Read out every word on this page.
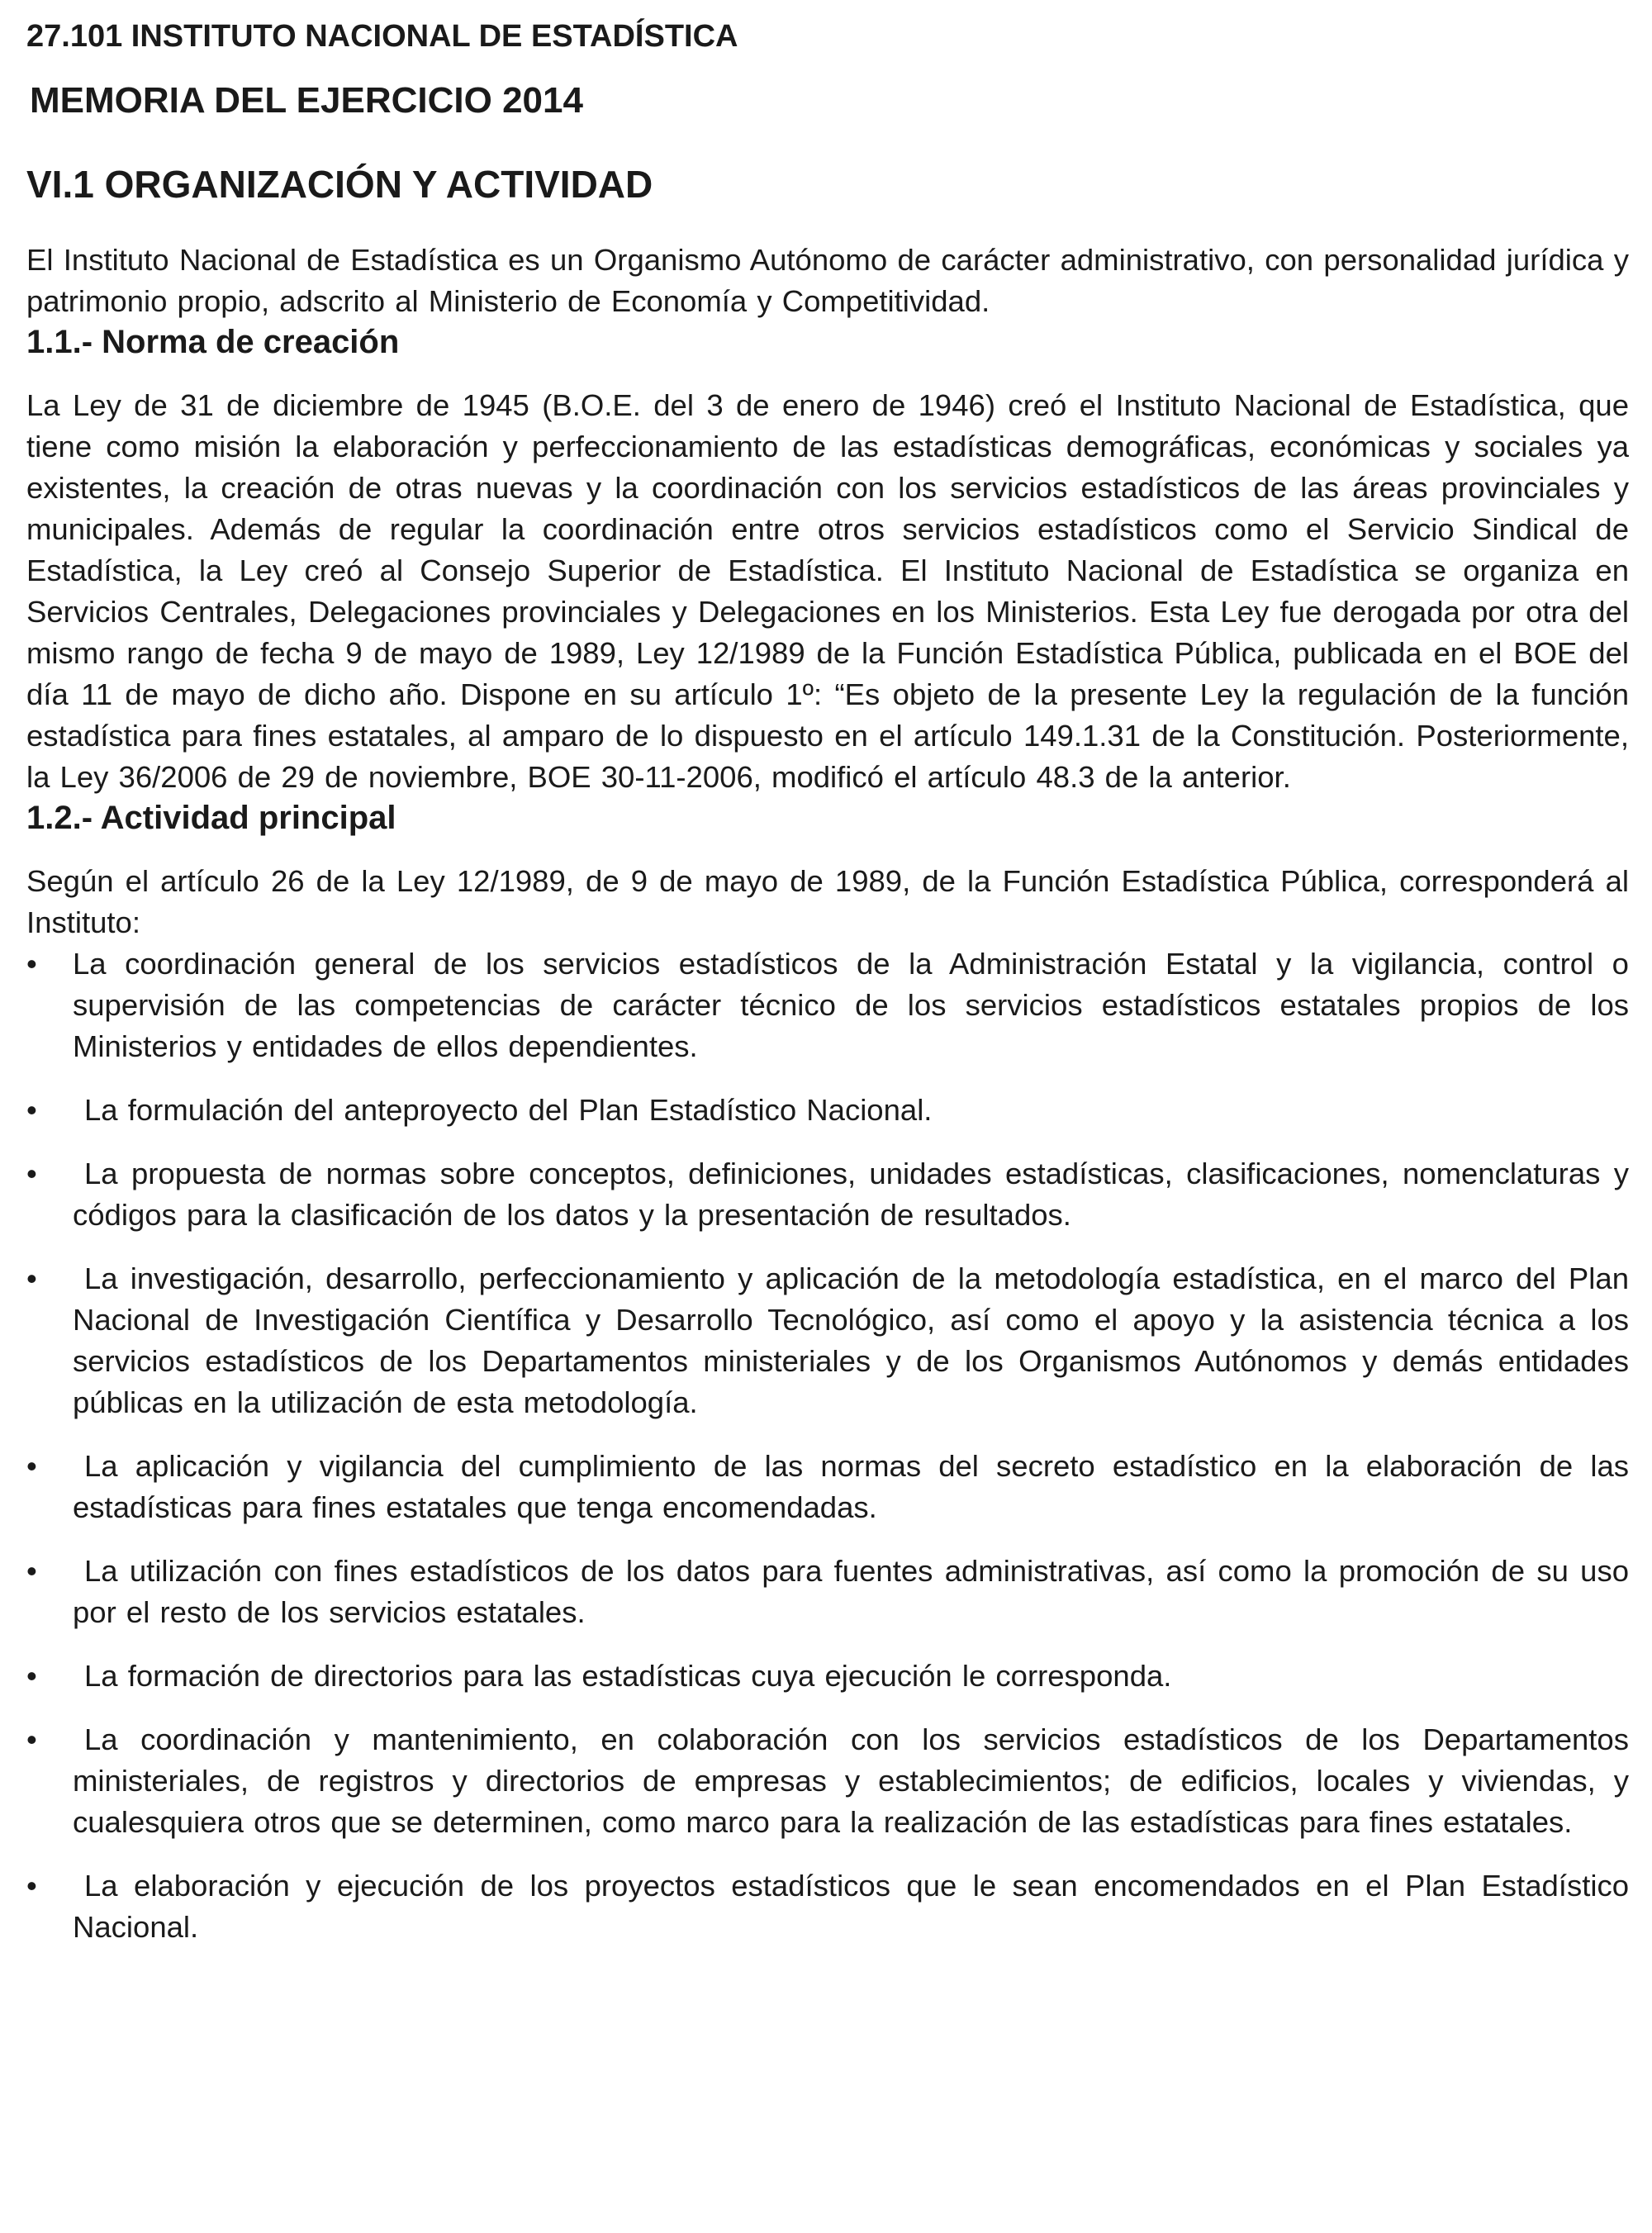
27.101 INSTITUTO NACIONAL DE ESTADÍSTICA
MEMORIA DEL EJERCICIO 2014
VI.1 ORGANIZACIÓN Y ACTIVIDAD

El Instituto Nacional de Estadística es un Organismo Autónomo de carácter administrativo, con personalidad jurídica y patrimonio propio, adscrito al Ministerio de Economía y Competitividad.

1.1.- Norma de creación

La Ley de 31 de diciembre de 1945 (B.O.E. del 3 de enero de 1946) creó el Instituto Nacional de Estadística, que tiene como misión la elaboración y perfeccionamiento de las estadísticas demográficas, económicas y sociales ya existentes, la creación de otras nuevas y la coordinación con los servicios estadísticos de las áreas provinciales y municipales. Además de regular la coordinación entre otros servicios estadísticos como el Servicio Sindical de Estadística, la Ley creó al Consejo Superior de Estadística. El Instituto Nacional de Estadística se organiza en Servicios Centrales, Delegaciones provinciales y Delegaciones en los Ministerios. Esta Ley fue derogada por otra del mismo rango de fecha 9 de mayo de 1989, Ley 12/1989 de la Función Estadística Pública, publicada en el BOE del día 11 de mayo de dicho año. Dispone en su artículo 1º: “Es objeto de la presente Ley la regulación de la función estadística para fines estatales, al amparo de lo dispuesto en el artículo 149.1.31 de la Constitución. Posteriormente, la Ley 36/2006 de 29 de noviembre, BOE 30-11-2006, modificó el artículo 48.3 de la anterior.

1.2.- Actividad principal

Según el artículo 26 de la Ley 12/1989, de 9 de mayo de 1989, de la Función Estadística Pública, corresponderá al Instituto:

•	La coordinación general de los servicios estadísticos de la Administración Estatal y la vigilancia, control o supervisión de las competencias de carácter técnico de los servicios estadísticos estatales propios de los Ministerios y entidades de ellos dependientes.
•	La formulación del anteproyecto del Plan Estadístico Nacional.
•	La propuesta de normas sobre conceptos, definiciones, unidades estadísticas, clasificaciones, nomenclaturas y códigos para la clasificación de los datos y la presentación de resultados.
•	La investigación, desarrollo, perfeccionamiento y aplicación de la metodología estadística, en el marco del Plan Nacional de Investigación Científica y Desarrollo Tecnológico, así como el apoyo y la asistencia técnica a los servicios estadísticos de los Departamentos ministeriales y de los Organismos Autónomos y demás entidades públicas en la utilización de esta metodología.
•	La aplicación y vigilancia del cumplimiento de las normas del secreto estadístico en la elaboración de las estadísticas para fines estatales que tenga encomendadas.
•	La utilización con fines estadísticos de los datos para fuentes administrativas, así como la promoción de su uso por el resto de los servicios estatales.
•	La formación de directorios para las estadísticas cuya ejecución le corresponda.
•	La coordinación y mantenimiento, en colaboración con los servicios estadísticos de los Departamentos ministeriales, de registros y directorios de empresas y establecimientos; de edificios, locales y viviendas, y cualesquiera otros que se determinen, como marco para la realización de las estadísticas para fines estatales.
•	La elaboración y ejecución de los proyectos estadísticos que le sean encomendados en el Plan Estadístico Nacional.
